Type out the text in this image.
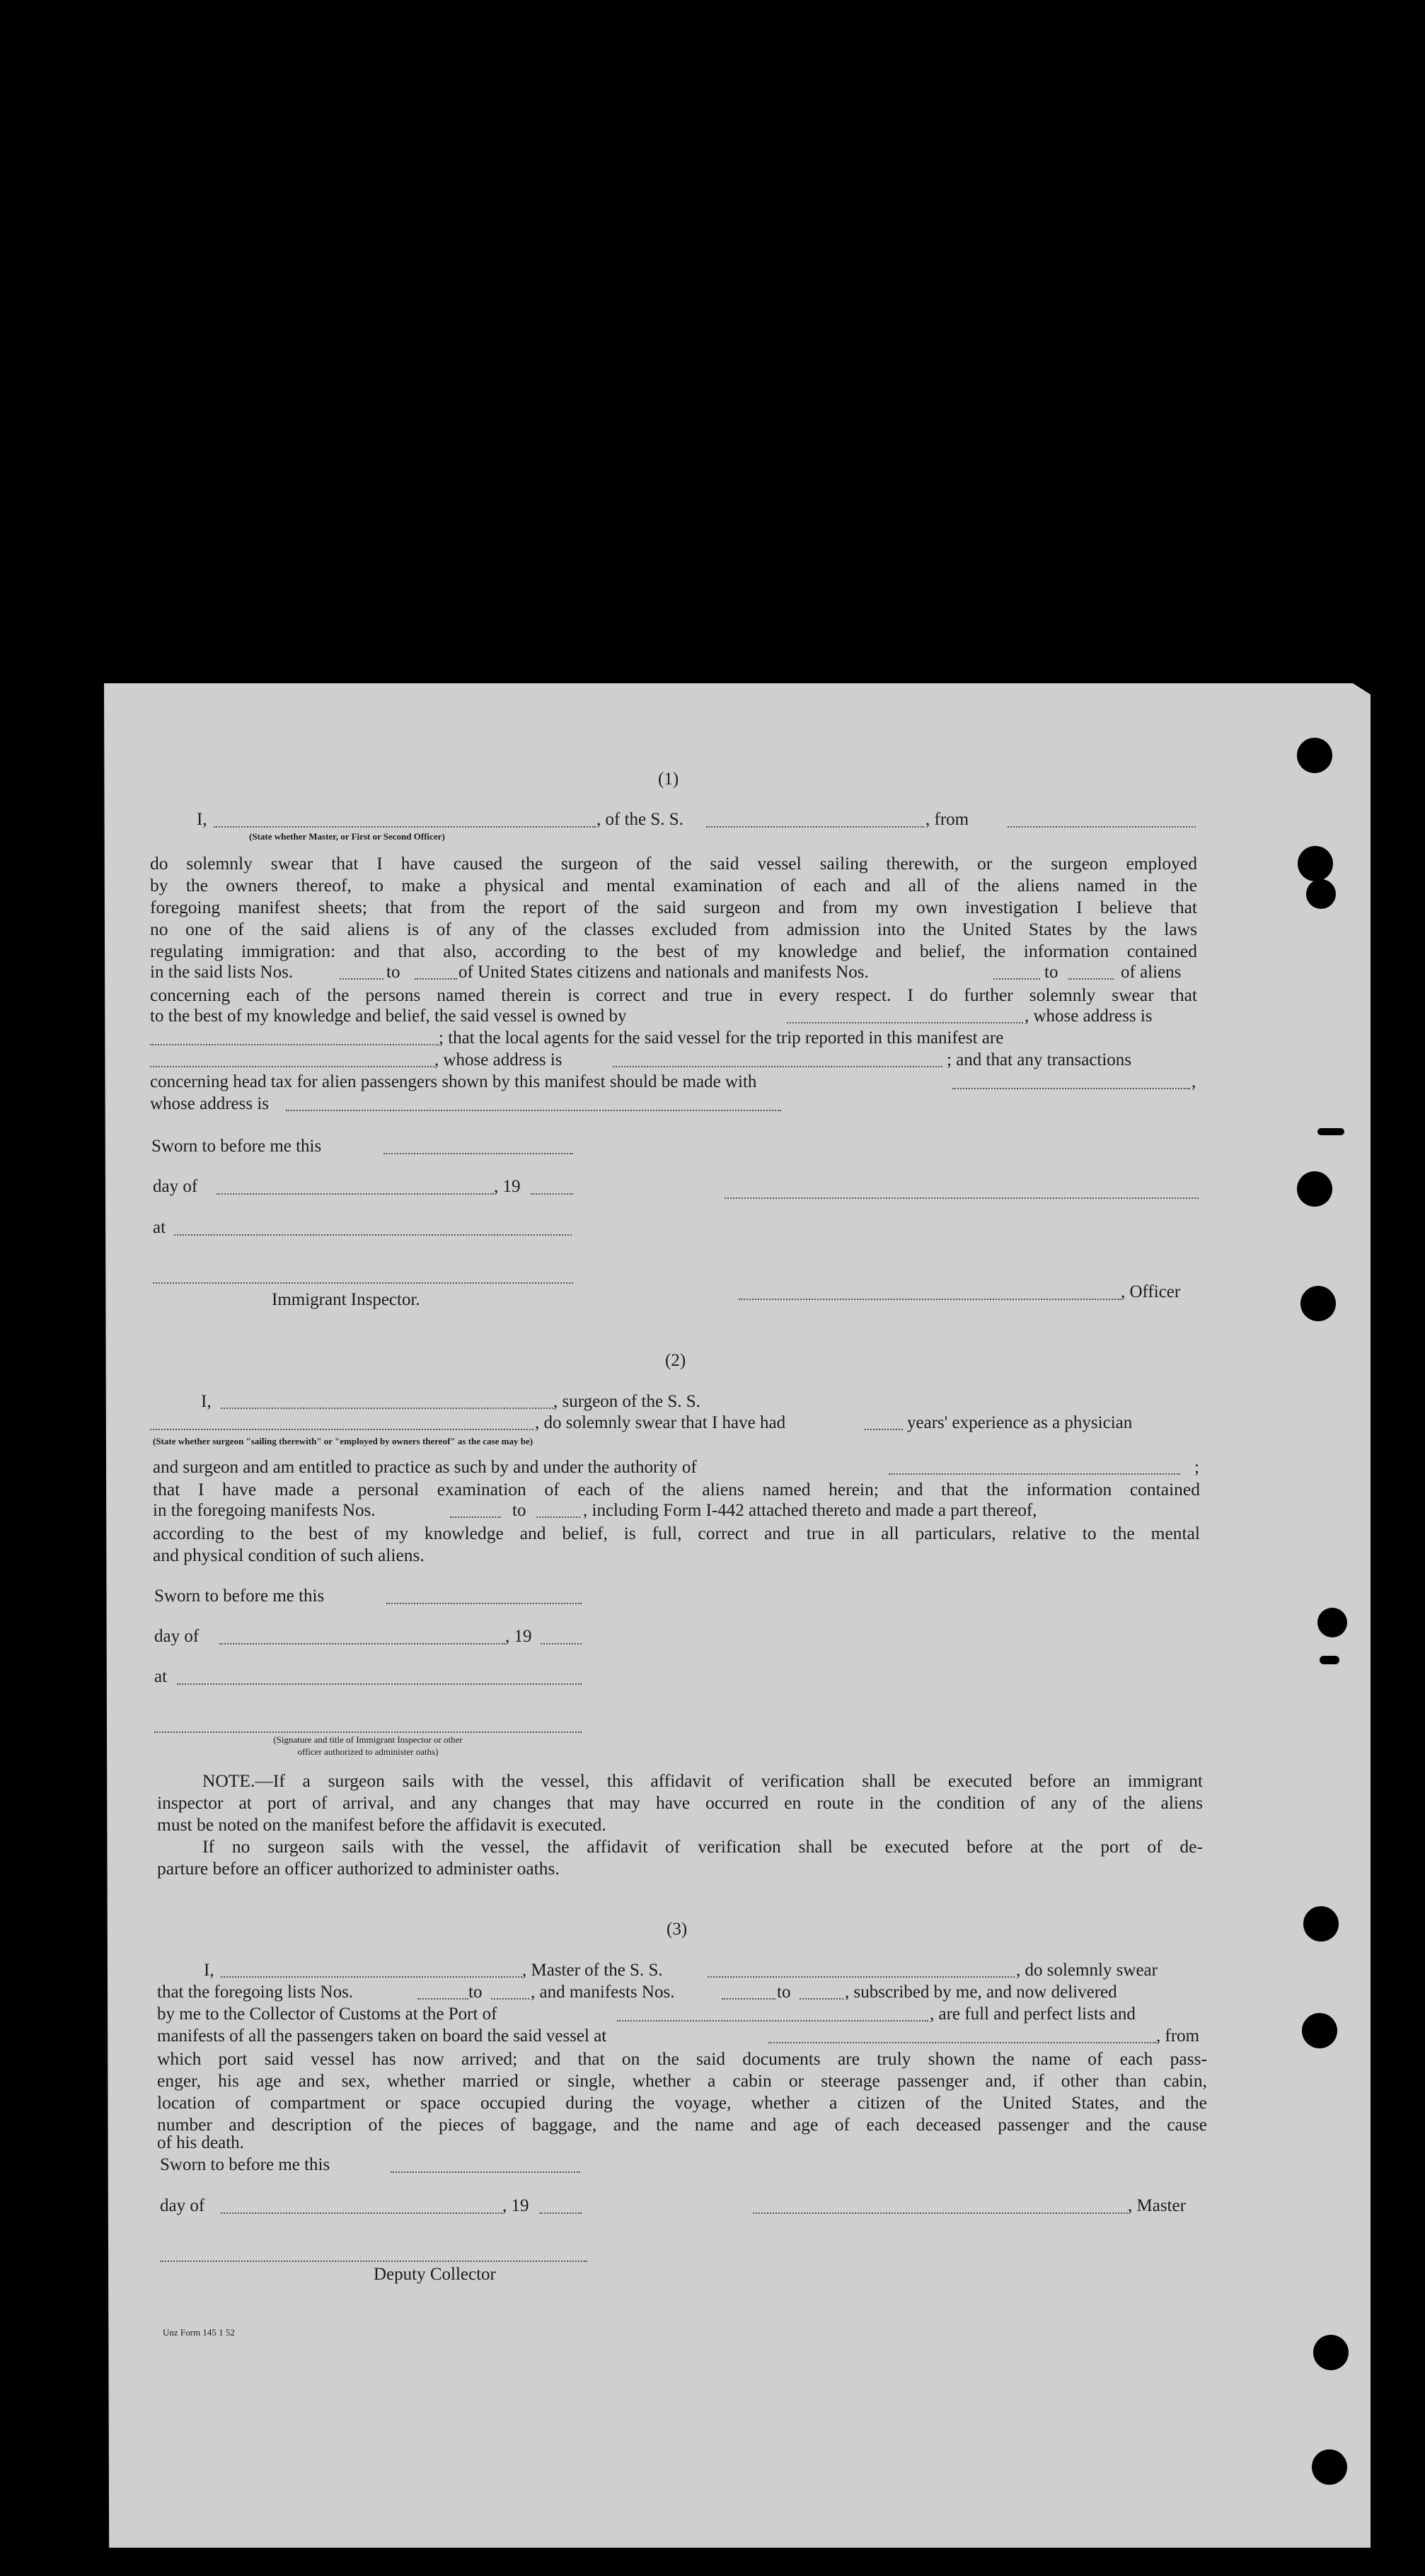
(1)
I,	, of the S. S.	, from
(State whether Master, or First or Second Officer)
do solemnly swear that I have caused the surgeon of the said vessel sailing therewith, or the surgeon employed
by the owners thereof, to make a physical and mental examination of each and all of the aliens named in the
foregoing manifest sheets; that from the report of the said surgeon and from my own investigation I believe that
no one of the said aliens is of any of the classes excluded from admission into the United States by the laws
regulating immigration: and that also, according to the best of my knowledge and belief, the information contained
in the said lists Nos.	to	of United States citizens and nationals and manifests Nos.	to	of aliens
concerning each of the persons named therein is correct and true in every respect. I do further solemnly swear that
to the best of my knowledge and belief, the said vessel is owned by	, whose address is
; that the local agents for the said vessel for the trip reported in this manifest are
, whose address is	; and that any transactions
concerning head tax for alien passengers shown by this manifest should be made with	,
whose address is
Sworn to before me this
day of	, 19
at
Immigrant Inspector.	, Officer
(2)
I,	, surgeon of the S. S.
, do solemnly swear that I have had	years' experience as a physician
(State whether surgeon "sailing therewith" or "employed by owners thereof" as the case may be)
and surgeon and am entitled to practice as such by and under the authority of	;
that I have made a personal examination of each of the aliens named herein; and that the information contained
in the foregoing manifests Nos.	to	, including Form I-442 attached thereto and made a part thereof,
according to the best of my knowledge and belief, is full, correct and true in all particulars, relative to the mental
and physical condition of such aliens.
Sworn to before me this
day of	, 19
at
(Signature and title of Immigrant Inspector or other
officer authorized to administer oaths)
NOTE.—If a surgeon sails with the vessel, this affidavit of verification shall be executed before an immigrant
inspector at port of arrival, and any changes that may have occurred en route in the condition of any of the aliens
must be noted on the manifest before the affidavit is executed.
If no surgeon sails with the vessel, the affidavit of verification shall be executed before at the port of de-
parture before an officer authorized to administer oaths.
(3)
I,	, Master of the S. S.	, do solemnly swear
that the foregoing lists Nos.	to	, and manifests Nos.	to	, subscribed by me, and now delivered
by me to the Collector of Customs at the Port of	, are full and perfect lists and
manifests of all the passengers taken on board the said vessel at	, from
which port said vessel has now arrived; and that on the said documents are truly shown the name of each pass-
enger, his age and sex, whether married or single, whether a cabin or steerage passenger and, if other than cabin,
location of compartment or space occupied during the voyage, whether a citizen of the United States, and the
number and description of the pieces of baggage, and the name and age of each deceased passenger and the cause
of his death.
Sworn to before me this
day of	, 19	, Master
Deputy Collector
Unz Form 145 1 52
